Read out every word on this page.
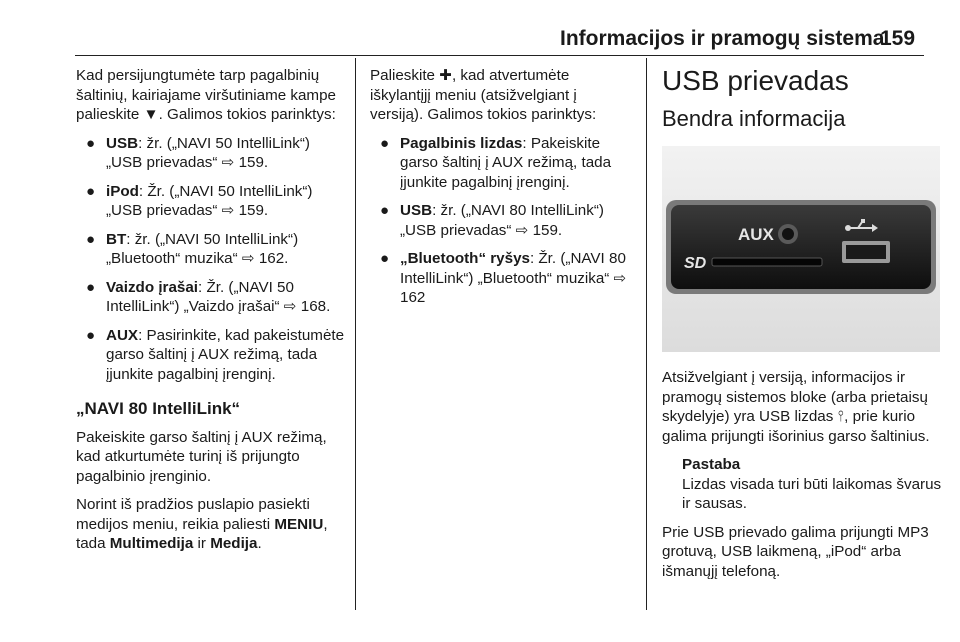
Informacijos ir pramogų sistema
159

Kad persijungtumėte tarp pagalbinių šaltinių, kairiajame viršutiniame kampe palieskite ▼. Galimos tokios parinktys:

● USB: žr. („NAVI 50 IntelliLink“) „USB prievadas“ ⇨ 159.
● iPod: Žr. („NAVI 50 IntelliLink“) „USB prievadas“ ⇨ 159.
● BT: žr. („NAVI 50 IntelliLink“) „Bluetooth“ muzika“ ⇨ 162.
● Vaizdo įrašai: Žr. („NAVI 50 IntelliLink“) „Vaizdo įrašai“ ⇨ 168.
● AUX: Pasirinkite, kad pakeistumėte garso šaltinį į AUX režimą, tada įjunkite pagalbinį įrenginį.
„NAVI 80 IntelliLink“

Pakeiskite garso šaltinį į AUX režimą, kad atkurtumėte turinį iš prijungto pagalbinio įrenginio.

Norint iš pradžios puslapio pasiekti medijos meniu, reikia paliesti MENIU, tada Multimedija ir Medija.

Palieskite ✚, kad atvertumėte iškylantįjį meniu (atsižvelgiant į versiją). Galimos tokios parinktys:

● Pagalbinis lizdas: Pakeiskite garso šaltinį į AUX režimą, tada įjunkite pagalbinį įrenginį.
● USB: žr. („NAVI 80 IntelliLink“) „USB prievadas“ ⇨ 159.
● „Bluetooth“ ryšys: Žr. („NAVI 80 IntelliLink“) „Bluetooth“ muzika“ ⇨ 162
USB prievadas
Bendra informacija
AUX
SD

Atsižvelgiant į versiją, informacijos ir pramogų sistemos bloke (arba prietaisų skydelyje) yra USB lizdas ⫯, prie kurio galima prijungti išorinius garso šaltinius.

Pastaba
Lizdas visada turi būti laikomas švarus ir sausas.

Prie USB prievado galima prijungti MP3 grotuvą, USB laikmeną, „iPod“ arba išmanųjį telefoną.
